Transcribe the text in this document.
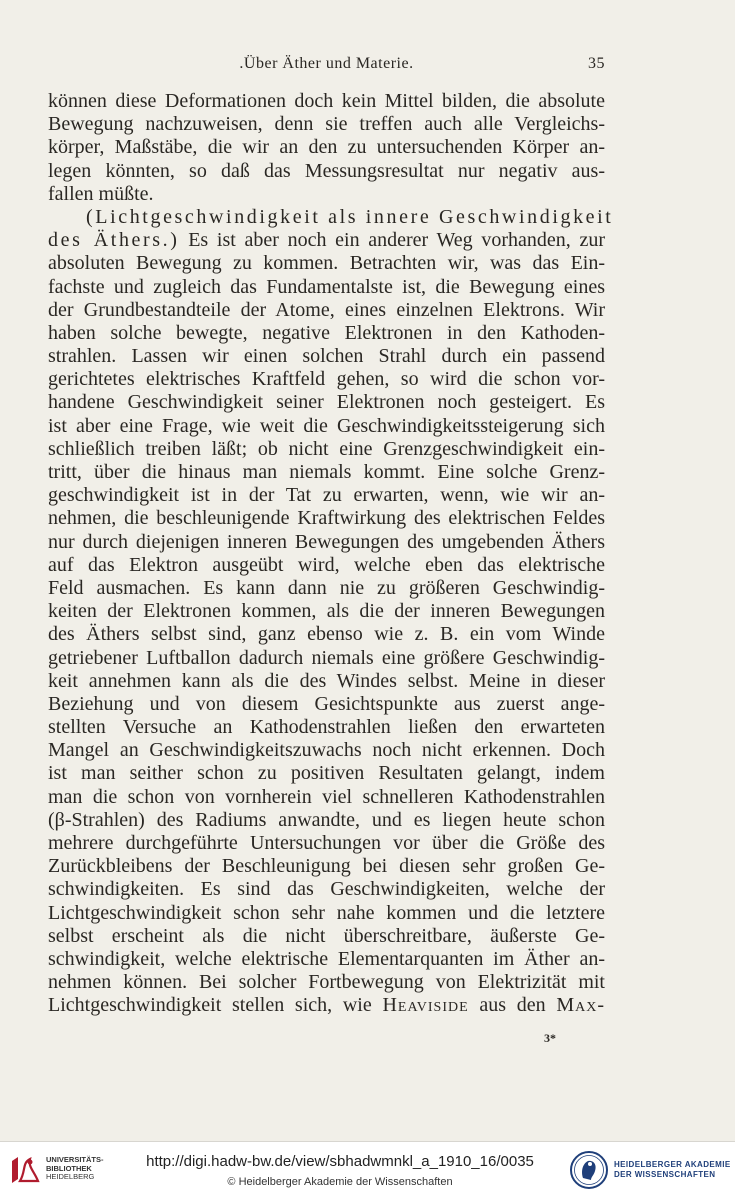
.Über Äther und Materie.	35
können diese Deformationen doch kein Mittel bilden, die absolute
Bewegung nachzuweisen, denn sie treffen auch alle Vergleichs-
körper, Maßstäbe, die wir an den zu untersuchenden Körper an-
legen könnten, so daß das Messungsresultat nur negativ aus-
fallen müßte.
(Lichtgeschwindigkeit als innere Geschwindigkeit
des Äthers.) Es ist aber noch ein anderer Weg vorhanden, zur
absoluten Bewegung zu kommen. Betrachten wir, was das Ein-
fachste und zugleich das Fundamentalste ist, die Bewegung eines
der Grundbestandteile der Atome, eines einzelnen Elektrons. Wir
haben solche bewegte, negative Elektronen in den Kathoden-
strahlen. Lassen wir einen solchen Strahl durch ein passend
gerichtetes elektrisches Kraftfeld gehen, so wird die schon vor-
handene Geschwindigkeit seiner Elektronen noch gesteigert. Es
ist aber eine Frage, wie weit die Geschwindigkeitssteigerung sich
schließlich treiben läßt; ob nicht eine Grenzgeschwindigkeit ein-
tritt, über die hinaus man niemals kommt. Eine solche Grenz-
geschwindigkeit ist in der Tat zu erwarten, wenn, wie wir an-
nehmen, die beschleunigende Kraftwirkung des elektrischen Feldes
nur durch diejenigen inneren Bewegungen des umgebenden Äthers
auf das Elektron ausgeübt wird, welche eben das elektrische
Feld ausmachen. Es kann dann nie zu größeren Geschwindig-
keiten der Elektronen kommen, als die der inneren Bewegungen
des Äthers selbst sind, ganz ebenso wie z. B. ein vom Winde
getriebener Luftballon dadurch niemals eine größere Geschwindig-
keit annehmen kann als die des Windes selbst. Meine in dieser
Beziehung und von diesem Gesichtspunkte aus zuerst ange-
stellten Versuche an Kathodenstrahlen ließen den erwarteten
Mangel an Geschwindigkeitszuwachs noch nicht erkennen. Doch
ist man seither schon zu positiven Resultaten gelangt, indem
man die schon von vornherein viel schnelleren Kathodenstrahlen
(β-Strahlen) des Radiums anwandte, und es liegen heute schon
mehrere durchgeführte Untersuchungen vor über die Größe des
Zurückbleibens der Beschleunigung bei diesen sehr großen Ge-
schwindigkeiten. Es sind das Geschwindigkeiten, welche der
Lichtgeschwindigkeit schon sehr nahe kommen und die letztere
selbst erscheint als die nicht überschreitbare, äußerste Ge-
schwindigkeit, welche elektrische Elementarquanten im Äther an-
nehmen können. Bei solcher Fortbewegung von Elektrizität mit
Lichtgeschwindigkeit stellen sich, wie Heaviside aus den Max-
3*
UNIVERSITÄTS-
BIBLIOTHEK
HEIDELBERG
http://digi.hadw-bw.de/view/sbhadwmnkl_a_1910_16/0035
© Heidelberger Akademie der Wissenschaften
HEIDELBERGER AKADEMIE
DER WISSENSCHAFTEN
